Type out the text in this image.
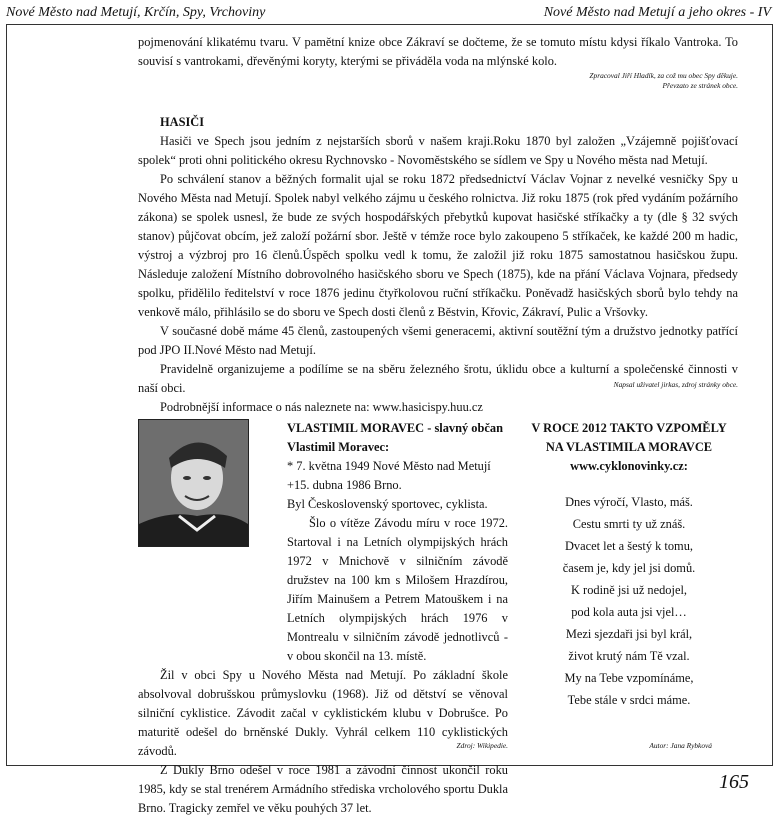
Nové Město nad Metují, Krčín, Spy, Vrchoviny	Nové Město nad Metují a jeho okres - IV

pojmenování klikatému tvaru. V pamětní knize obce Zákraví se dočteme, že se tomuto místu kdysi říkalo Vantroka. To souvisí s vantrokami, dřevěnými koryty, kterými se přiváděla voda na mlýnské kolo.

Zpracoval Jiří Hladík, za což mu obec Spy děkuje.
Převzato ze stránek obce.

HASIČI

Hasiči ve Spech jsou jedním z nejstarších sborů v našem kraji.Roku 1870 byl založen „Vzájemně pojišťovací spolek“ proti ohni politického okresu Rychnovsko - Novoměstského se sídlem ve Spy u Nového města nad Metují.

Po schválení stanov a běžných formalit ujal se roku 1872 předsednictví Václav Vojnar z nevelké vesničky Spy u Nového Města nad Metují. Spolek nabyl velkého zájmu u českého rolnictva. Již roku 1875 (rok před vydáním požárního zákona) se spolek usnesl, že bude ze svých hospodářských přebytků kupovat hasičské stříkačky a ty (dle § 32 svých stanov) půjčovat obcím, jež založí požární sbor. Ještě v témže roce bylo zakoupeno 5 stříkaček, ke každé 200 m hadic, výstroj a výzbroj pro 16 členů.Úspěch spolku vedl k tomu, že založil již roku 1875 samostatnou hasičskou župu. Následuje založení Místního dobrovolného hasičského sboru ve Spech (1875), kde na přání Václava Vojnara, předsedy spolku, přidělilo ředitelství v roce 1876 jedinu čtyřkolovou ruční stříkačku. Poněvadž hasičských sborů bylo tehdy na venkově málo, přihlásilo se do sboru ve Spech dosti členů z Běstvin, Křovic, Zákraví, Pulic a Vršovky.

V současné době máme 45 členů, zastoupených všemi generacemi, aktivní soutěžní tým a družstvo jednotky patřící pod JPO II.Nové Město nad Metují.

Pravidelně organizujeme a podílíme se na sběru železného šrotu, úklidu obce a kulturní a společenské činnosti v naší obci.

Podrobnější informace o nás naleznete na: www.hasicispy.huu.cz

Napsal uživatel jirkas, zdroj stránky obce.

VLASTIMIL MORAVEC - slavný občan Vlastimil Moravec:

* 7. května 1949 Nové Město nad Metují

+15. dubna 1986 Brno.

Byl Československý sportovec, cyklista.

Šlo o vítěze Závodu míru v roce 1972. Startoval i na Letních olympijských hrách 1972 v Mnichově v silničním závodě družstev na 100 km s Milošem Hrazdírou, Jiřím Mainušem a Petrem Matouškem i na Letních olympijských hrách 1976 v Montrealu v silničním závodě jednotlivců - v obou skončil na 13. místě.

Žil v obci Spy u Nového Města nad Metují. Po základní škole absolvoval dobrušskou průmyslovku (1968). Již od dětství se věnoval silniční cyklistice. Závodit začal v cyklistickém klubu v Dobrušce. Po maturitě odešel do brněnské Dukly. Vyhrál celkem 110 cyklistických závodů.

Z Dukly Brno odešel v roce 1981 a závodní činnost ukončil roku 1985, kdy se stal trenérem Armádního střediska vrcholového sportu Dukla Brno. Tragicky zemřel ve věku pouhých 37 let.

Zdroj: Wikipedie.
V ROCE 2012 TAKTO VZPOMĚLY
NA VLASTIMILA MORAVCE
www.cyklonovinky.cz:
Dnes výročí, Vlasto, máš.
Cestu smrti ty už znáš.
Dvacet let a šestý k tomu,
časem je, kdy jel jsi domů.
K rodině jsi už nedojel,
pod kola auta jsi vjel…
Mezi sjezdaři jsi byl král,
život krutý nám Tě vzal.
My na Tebe vzpomínáme,
Tebe stále v srdci máme.
Autor: Jana Rybková
165
